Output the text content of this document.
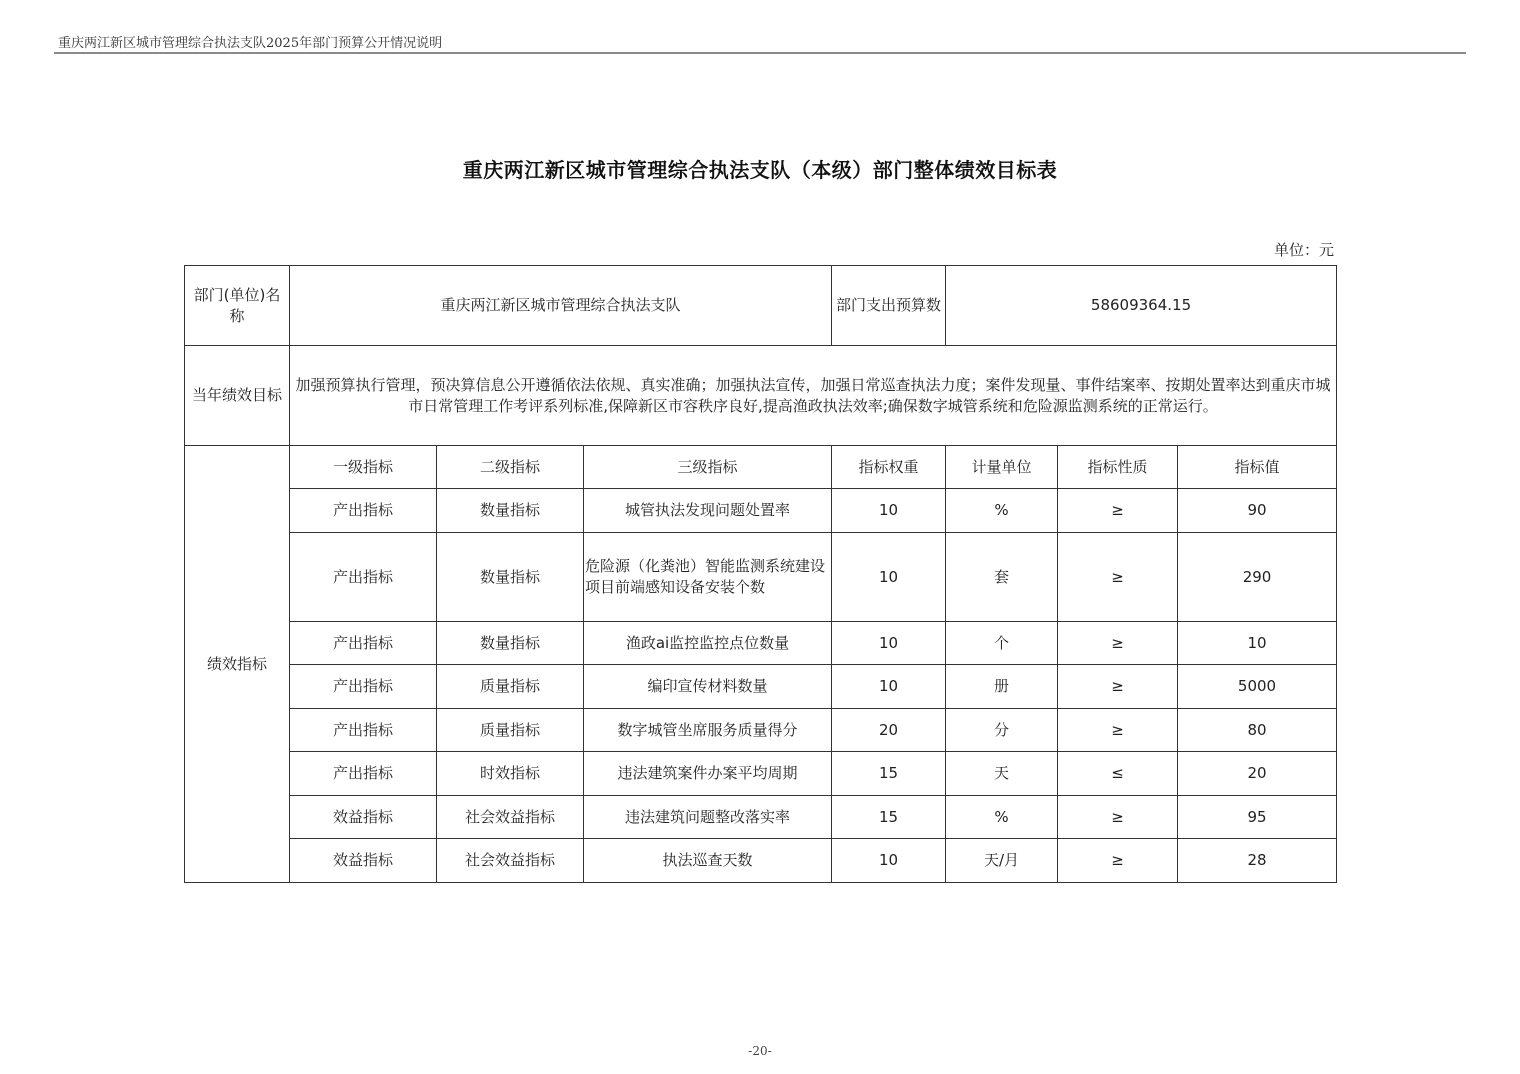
重庆两江新区城市管理综合执法支队2025年部门预算公开情况说明
重庆两江新区城市管理综合执法支队（本级）部门整体绩效目标表
单位：元
部门(单位)名称	重庆两江新区城市管理综合执法支队			部门支出预算数	58609364.15		
当年绩效目标	加强预算执行管理，预决算信息公开遵循依法依规、真实准确；加强执法宣传，加强日常巡查执法力度；案件发现量、事件结案率、按期处置率达到重庆市城市日常管理工作考评系列标准,保障新区市容秩序良好,提高渔政执法效率;确保数字城管系统和危险源监测系统的正常运行。						
绩效指标	一级指标	二级指标	三级指标	指标权重	计量单位	指标性质	指标值
	产出指标	数量指标	城管执法发现问题处置率	10	%	≥	90
	产出指标	数量指标	危险源（化粪池）智能监测系统建设项目前端感知设备安装个数	10	套	≥	290
	产出指标	数量指标	渔政ai监控监控点位数量	10	个	≥	10
	产出指标	质量指标	编印宣传材料数量	10	册	≥	5000
	产出指标	质量指标	数字城管坐席服务质量得分	20	分	≥	80
	产出指标	时效指标	违法建筑案件办案平均周期	15	天	≤	20
	效益指标	社会效益指标	违法建筑问题整改落实率	15	%	≥	95
	效益指标	社会效益指标	执法巡查天数	10	天/月	≥	28
-20-
